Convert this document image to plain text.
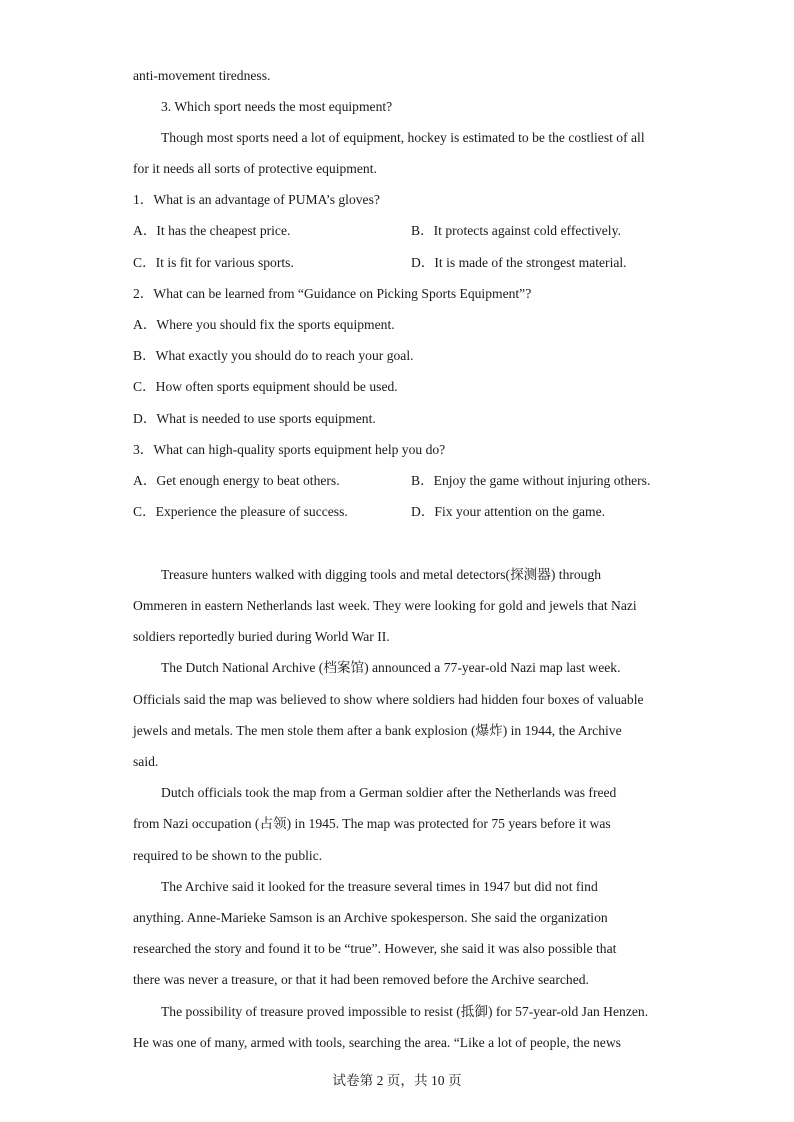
anti-movement tiredness.
3. Which sport needs the most equipment?
Though most sports need a lot of equipment, hockey is estimated to be the costliest of all
for it needs all sorts of protective equipment.
1．What is an advantage of PUMA’s gloves?
A．It has the cheapest price.	B．It protects against cold effectively.
C．It is fit for various sports.	D．It is made of the strongest material.
2．What can be learned from “Guidance on Picking Sports Equipment”?
A．Where you should fix the sports equipment.
B．What exactly you should do to reach your goal.
C．How often sports equipment should be used.
D．What is needed to use sports equipment.
3．What can high-quality sports equipment help you do?
A．Get enough energy to beat others.	B．Enjoy the game without injuring others.
C．Experience the pleasure of success.	D．Fix your attention on the game.
Treasure hunters walked with digging tools and metal detectors(探测器) through
Ommeren in eastern Netherlands last week. They were looking for gold and jewels that Nazi
soldiers reportedly buried during World War II.
The Dutch National Archive (档案馆) announced a 77-year-old Nazi map last week.
Officials said the map was believed to show where soldiers had hidden four boxes of valuable
jewels and metals. The men stole them after a bank explosion (爆炸) in 1944, the Archive
said.
Dutch officials took the map from a German soldier after the Netherlands was freed
from Nazi occupation (占领) in 1945. The map was protected for 75 years before it was
required to be shown to the public.
The Archive said it looked for the treasure several times in 1947 but did not find
anything. Anne-Marieke Samson is an Archive spokesperson. She said the organization
researched the story and found it to be “true”. However, she said it was also possible that
there was never a treasure, or that it had been removed before the Archive searched.
The possibility of treasure proved impossible to resist (抵御) for 57-year-old Jan Henzen.
He was one of many, armed with tools, searching the area. “Like a lot of people, the news
试卷第 2 页，共 10 页
